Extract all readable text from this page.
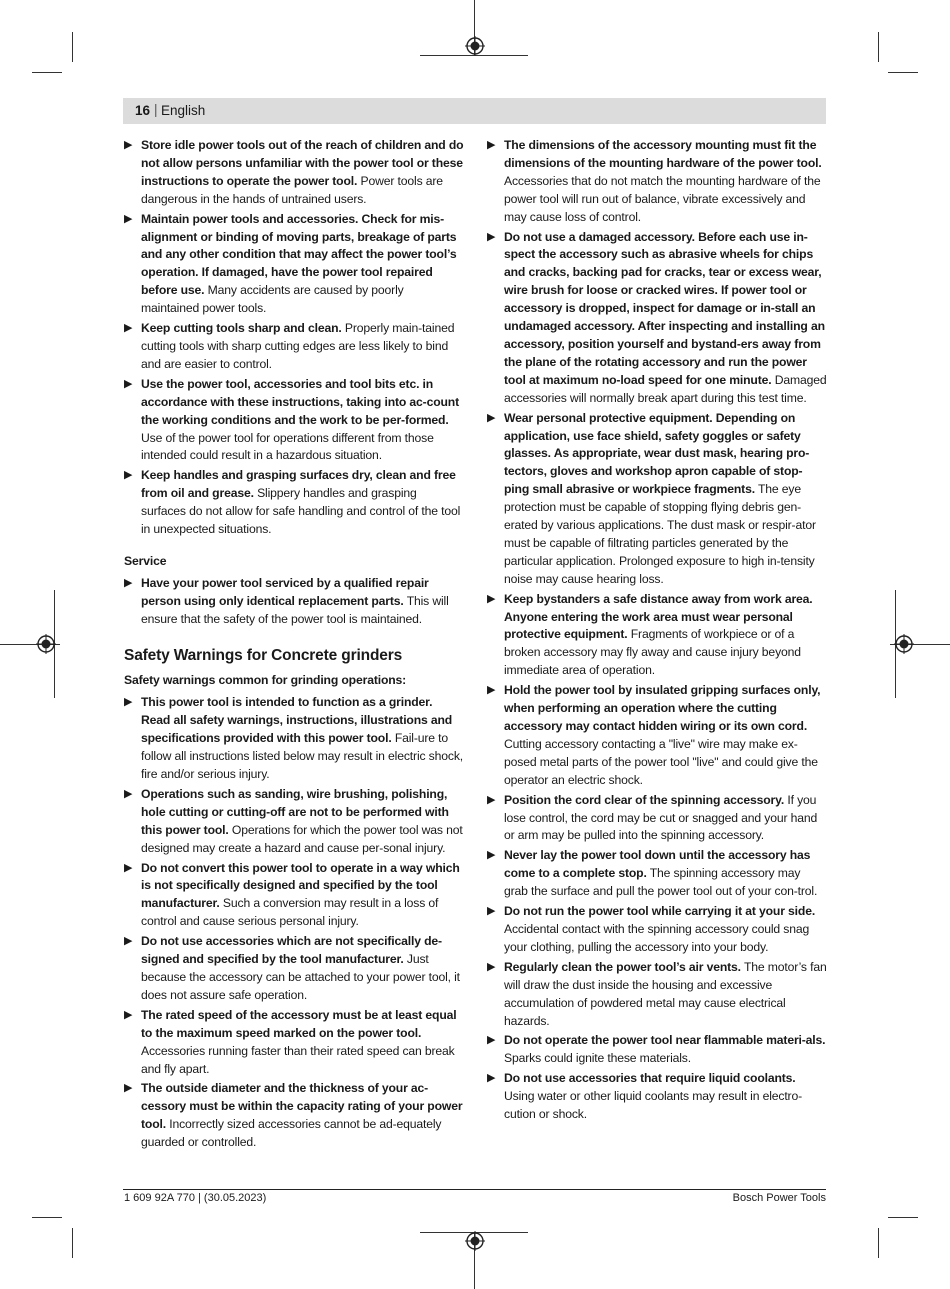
16 | English
▶ Store idle power tools out of the reach of children and do not allow persons unfamiliar with the power tool or these instructions to operate the power tool. Power tools are dangerous in the hands of untrained users.
▶ Maintain power tools and accessories. Check for mis-alignment or binding of moving parts, breakage of parts and any other condition that may affect the power tool’s operation. If damaged, have the power tool repaired before use. Many accidents are caused by poorly maintained power tools.
▶ Keep cutting tools sharp and clean. Properly main-tained cutting tools with sharp cutting edges are less likely to bind and are easier to control.
▶ Use the power tool, accessories and tool bits etc. in accordance with these instructions, taking into ac-count the working conditions and the work to be per-formed. Use of the power tool for operations different from those intended could result in a hazardous situation.
▶ Keep handles and grasping surfaces dry, clean and free from oil and grease. Slippery handles and grasping surfaces do not allow for safe handling and control of the tool in unexpected situations.
Service
▶ Have your power tool serviced by a qualified repair person using only identical replacement parts. This will ensure that the safety of the power tool is maintained.
Safety Warnings for Concrete grinders
Safety warnings common for grinding operations:
▶ This power tool is intended to function as a grinder. Read all safety warnings, instructions, illustrations and specifications provided with this power tool. Fail-ure to follow all instructions listed below may result in electric shock, fire and/or serious injury.
▶ Operations such as sanding, wire brushing, polishing, hole cutting or cutting-off are not to be performed with this power tool. Operations for which the power tool was not designed may create a hazard and cause per-sonal injury.
▶ Do not convert this power tool to operate in a way which is not specifically designed and specified by the tool manufacturer. Such a conversion may result in a loss of control and cause serious personal injury.
▶ Do not use accessories which are not specifically de-signed and specified by the tool manufacturer. Just because the accessory can be attached to your power tool, it does not assure safe operation.
▶ The rated speed of the accessory must be at least equal to the maximum speed marked on the power tool. Accessories running faster than their rated speed can break and fly apart.
▶ The outside diameter and the thickness of your ac-cessory must be within the capacity rating of your power tool. Incorrectly sized accessories cannot be ad-equately guarded or controlled.
▶ The dimensions of the accessory mounting must fit the dimensions of the mounting hardware of the power tool. Accessories that do not match the mounting hardware of the power tool will run out of balance, vibrate excessively and may cause loss of control.
▶ Do not use a damaged accessory. Before each use in-spect the accessory such as abrasive wheels for chips and cracks, backing pad for cracks, tear or excess wear, wire brush for loose or cracked wires. If power tool or accessory is dropped, inspect for damage or in-stall an undamaged accessory. After inspecting and installing an accessory, position yourself and bystand-ers away from the plane of the rotating accessory and run the power tool at maximum no-load speed for one minute. Damaged accessories will normally break apart during this test time.
▶ Wear personal protective equipment. Depending on application, use face shield, safety goggles or safety glasses. As appropriate, wear dust mask, hearing pro-tectors, gloves and workshop apron capable of stop-ping small abrasive or workpiece fragments. The eye protection must be capable of stopping flying debris gen-erated by various applications. The dust mask or respir-ator must be capable of filtrating particles generated by the particular application. Prolonged exposure to high in-tensity noise may cause hearing loss.
▶ Keep bystanders a safe distance away from work area. Anyone entering the work area must wear personal protective equipment. Fragments of workpiece or of a broken accessory may fly away and cause injury beyond immediate area of operation.
▶ Hold the power tool by insulated gripping surfaces only, when performing an operation where the cutting accessory may contact hidden wiring or its own cord. Cutting accessory contacting a "live" wire may make ex-posed metal parts of the power tool "live" and could give the operator an electric shock.
▶ Position the cord clear of the spinning accessory. If you lose control, the cord may be cut or snagged and your hand or arm may be pulled into the spinning accessory.
▶ Never lay the power tool down until the accessory has come to a complete stop. The spinning accessory may grab the surface and pull the power tool out of your con-trol.
▶ Do not run the power tool while carrying it at your side. Accidental contact with the spinning accessory could snag your clothing, pulling the accessory into your body.
▶ Regularly clean the power tool’s air vents. The motor’s fan will draw the dust inside the housing and excessive accumulation of powdered metal may cause electrical hazards.
▶ Do not operate the power tool near flammable materi-als. Sparks could ignite these materials.
▶ Do not use accessories that require liquid coolants. Using water or other liquid coolants may result in electro-cution or shock.
1 609 92A 770 | (30.05.2023)	Bosch Power Tools
